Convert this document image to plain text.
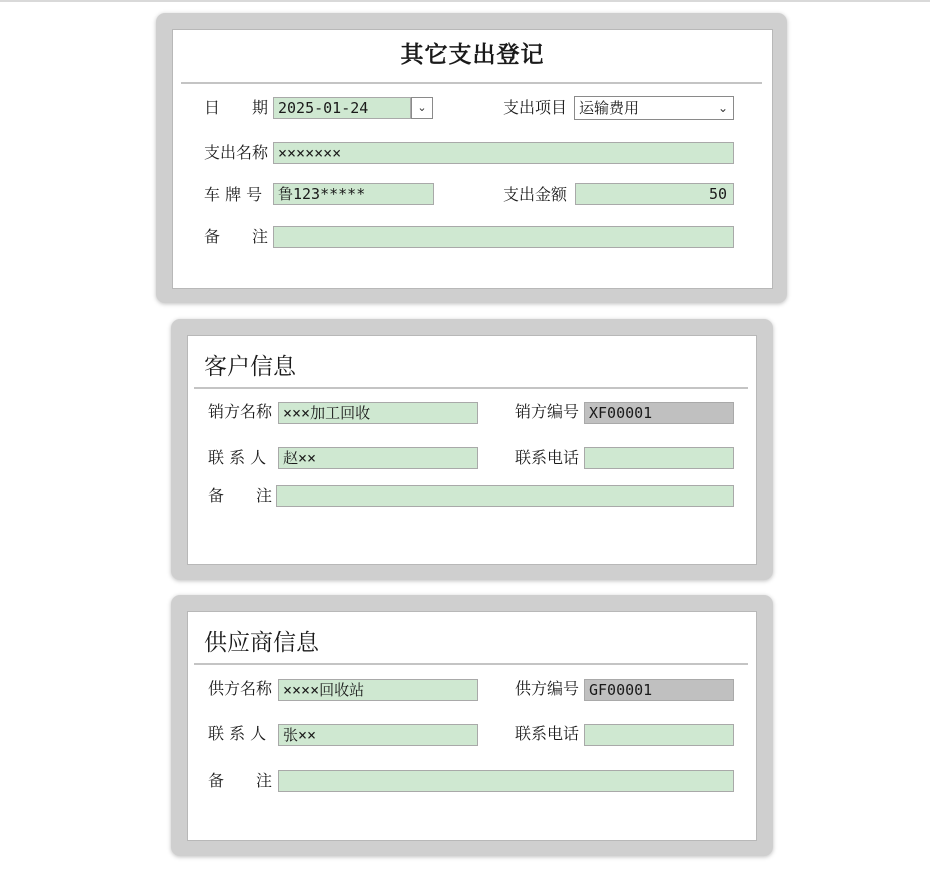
其它支出登记
日　　期 2025-01-24	⌄	支出项目 运输费用	⌄
支出名称 ×××××××
车 牌 号	鲁123*****	支出金额	50
备　　注
客户信息
销方名称 ×××加工回收	销方编号 XF00001
联 系 人	赵××	联系电话
备　　注
供应商信息
供方名称 ××××回收站	供方编号 GF00001
联 系 人	张××	联系电话
备　　注
